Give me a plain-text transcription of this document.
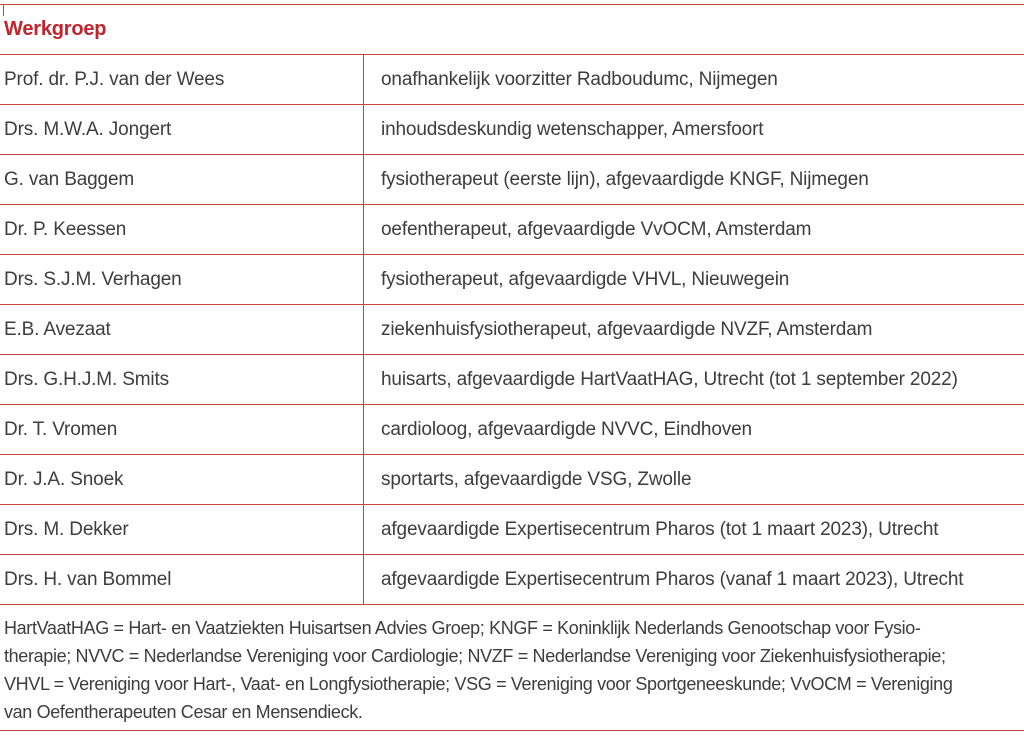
Werkgroep
Prof. dr. P.J. van der Wees	onafhankelijk voorzitter Radboudumc, Nijmegen
Drs. M.W.A. Jongert	inhoudsdeskundig wetenschapper, Amersfoort
G. van Baggem	fysiotherapeut (eerste lijn), afgevaardigde KNGF, Nijmegen
Dr. P. Keessen	oefentherapeut, afgevaardigde VvOCM, Amsterdam
Drs. S.J.M. Verhagen	fysiotherapeut, afgevaardigde VHVL, Nieuwegein
E.B. Avezaat	ziekenhuisfysiotherapeut, afgevaardigde NVZF, Amsterdam
Drs. G.H.J.M. Smits	huisarts, afgevaardigde HartVaatHAG, Utrecht (tot 1 september 2022)
Dr. T. Vromen	cardioloog, afgevaardigde NVVC, Eindhoven
Dr. J.A. Snoek	sportarts, afgevaardigde VSG, Zwolle
Drs. M. Dekker	afgevaardigde Expertisecentrum Pharos (tot 1 maart 2023), Utrecht
Drs. H. van Bommel	afgevaardigde Expertisecentrum Pharos (vanaf 1 maart 2023), Utrecht
HartVaatHAG = Hart- en Vaatziekten Huisartsen Advies Groep; KNGF = Koninklijk Nederlands Genootschap voor Fysio-
therapie; NVVC = Nederlandse Vereniging voor Cardiologie; NVZF = Nederlandse Vereniging voor Ziekenhuisfysiotherapie;
VHVL = Vereniging voor Hart-, Vaat- en Longfysiotherapie; VSG = Vereniging voor Sportgeneeskunde; VvOCM = Vereniging
van Oefentherapeuten Cesar en Mensendieck.
